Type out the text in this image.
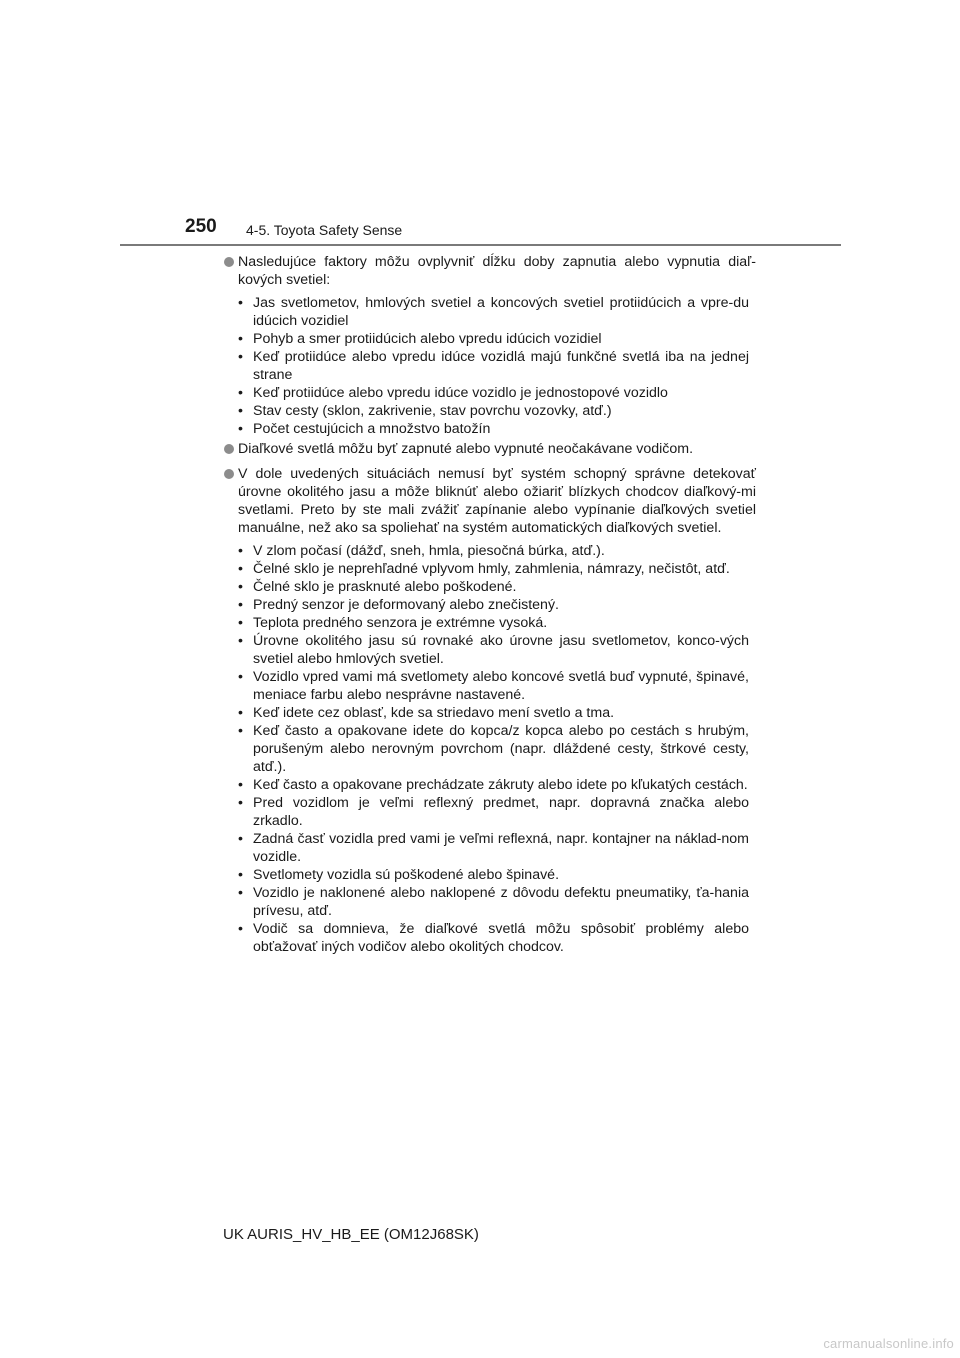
250 4-5. Toyota Safety Sense
Nasledujúce faktory môžu ovplyvniť dĺžku doby zapnutia alebo vypnutia diaľ-kových svetiel:
• Jas svetlometov, hmlových svetiel a koncových svetiel protiidúcich a vpre-du idúcich vozidiel
• Pohyb a smer protiidúcich alebo vpredu idúcich vozidiel
• Keď protiidúce alebo vpredu idúce vozidlá majú funkčné svetlá iba na jednej strane
• Keď protiidúce alebo vpredu idúce vozidlo je jednostopové vozidlo
• Stav cesty (sklon, zakrivenie, stav povrchu vozovky, atď.)
• Počet cestujúcich a množstvo batožín
Diaľkové svetlá môžu byť zapnuté alebo vypnuté neočakávane vodičom.
V dole uvedených situáciách nemusí byť systém schopný správne detekovať úrovne okolitého jasu a môže bliknúť alebo ožiariť blízkych chodcov diaľkový-mi svetlami. Preto by ste mali zvážiť zapínanie alebo vypínanie diaľkových svetiel manuálne, než ako sa spoliehať na systém automatických diaľkových svetiel.
• V zlom počasí (dážď, sneh, hmla, piesočná búrka, atď.).
• Čelné sklo je neprehľadné vplyvom hmly, zahmlenia, námrazy, nečistôt, atď.
• Čelné sklo je prasknuté alebo poškodené.
• Predný senzor je deformovaný alebo znečistený.
• Teplota predného senzora je extrémne vysoká.
• Úrovne okolitého jasu sú rovnaké ako úrovne jasu svetlometov, konco-vých svetiel alebo hmlových svetiel.
• Vozidlo vpred vami má svetlomety alebo koncové svetlá buď vypnuté, špinavé, meniace farbu alebo nesprávne nastavené.
• Keď idete cez oblasť, kde sa striedavo mení svetlo a tma.
• Keď často a opakovane idete do kopca/z kopca alebo po cestách s hrubým, porušeným alebo nerovným povrchom (napr. dláždené cesty, štrkové cesty, atď.).
• Keď často a opakovane prechádzate zákruty alebo idete po kľukatých cestách.
• Pred vozidlom je veľmi reflexný predmet, napr. dopravná značka alebo zrkadlo.
• Zadná časť vozidla pred vami je veľmi reflexná, napr. kontajner na náklad-nom vozidle.
• Svetlomety vozidla sú poškodené alebo špinavé.
• Vozidlo je naklonené alebo naklopené z dôvodu defektu pneumatiky, ťa-hania prívesu, atď.
• Vodič sa domnieva, že diaľkové svetlá môžu spôsobiť problémy alebo obťažovať iných vodičov alebo okolitých chodcov.
UK AURIS_HV_HB_EE (OM12J68SK)
carmanualsonline.info
